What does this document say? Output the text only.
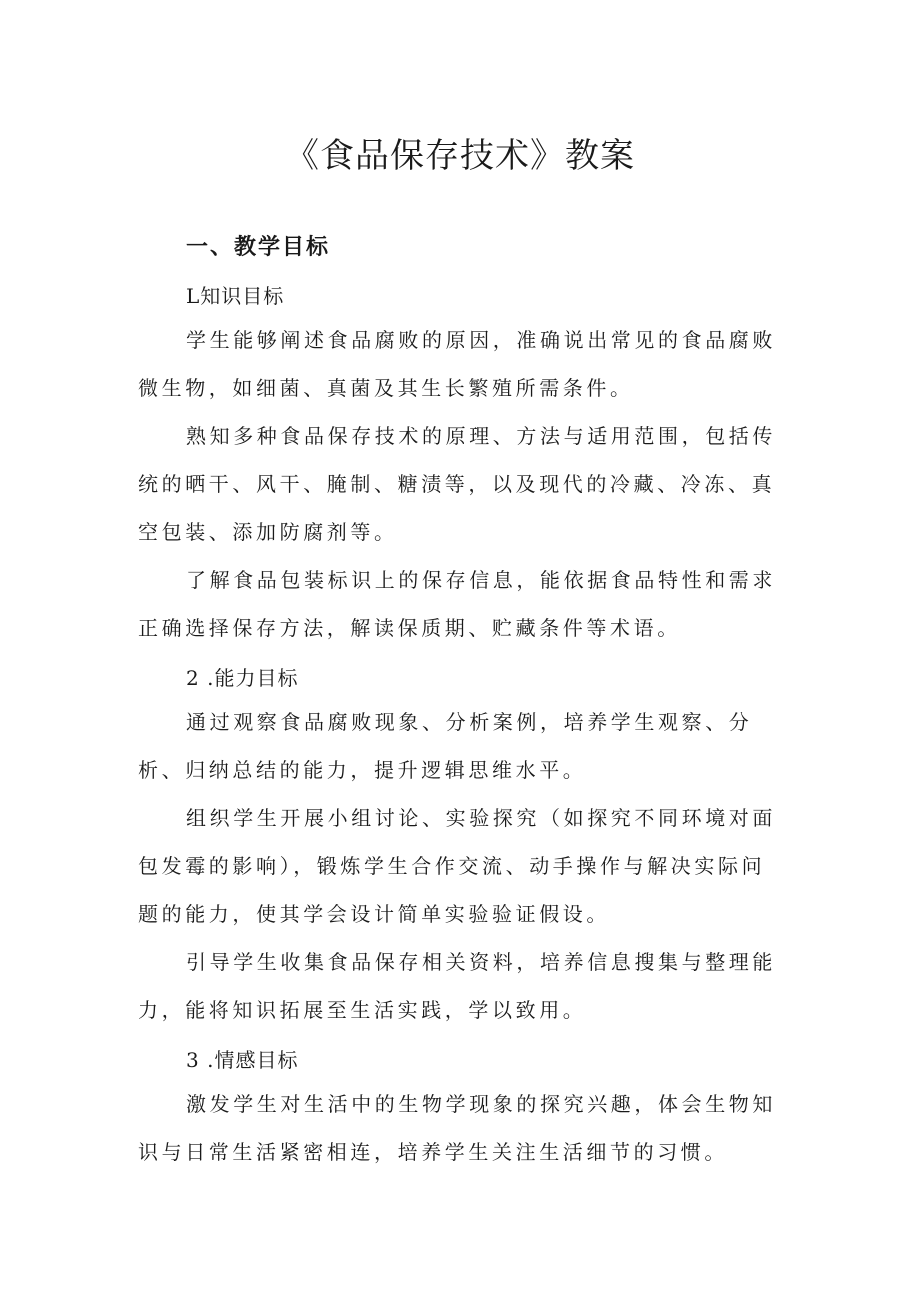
《食品保存技术》教案
一、教学目标
L知识目标
学生能够阐述食品腐败的原因，准确说出常见的食品腐败微生物，如细菌、真菌及其生长繁殖所需条件。
熟知多种食品保存技术的原理、方法与适用范围，包括传统的晒干、风干、腌制、糖渍等，以及现代的冷藏、冷冻、真空包装、添加防腐剂等。
了解食品包装标识上的保存信息，能依据食品特性和需求正确选择保存方法，解读保质期、贮藏条件等术语。
2 .能力目标
通过观察食品腐败现象、分析案例，培养学生观察、分析、归纳总结的能力，提升逻辑思维水平。
组织学生开展小组讨论、实验探究（如探究不同环境对面包发霉的影响），锻炼学生合作交流、动手操作与解决实际问题的能力，使其学会设计简单实验验证假设。
引导学生收集食品保存相关资料，培养信息搜集与整理能力，能将知识拓展至生活实践，学以致用。
3 .情感目标
激发学生对生活中的生物学现象的探究兴趣，体会生物知识与日常生活紧密相连，培养学生关注生活细节的习惯。
